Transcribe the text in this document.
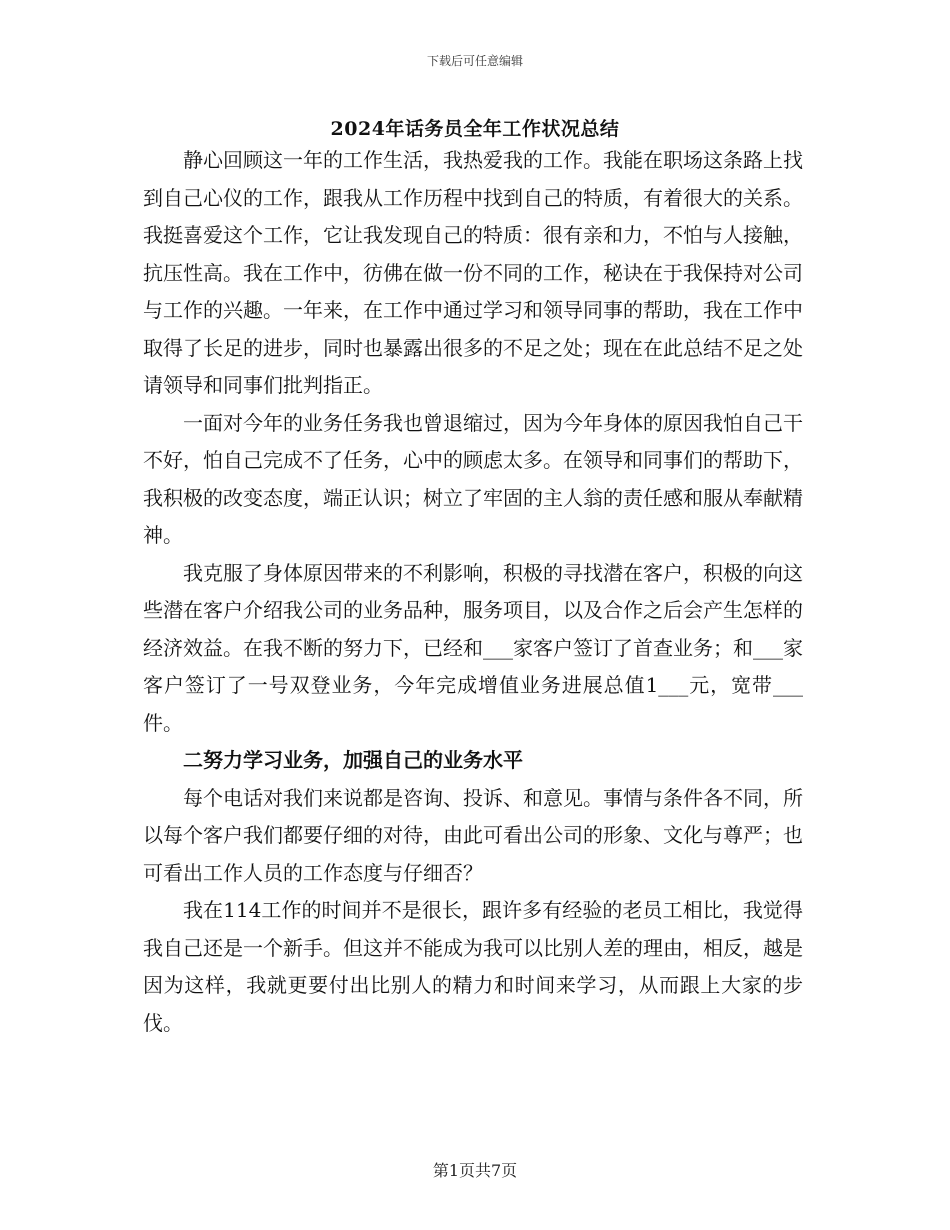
下载后可任意编辑
2024年话务员全年工作状况总结

静心回顾这一年的工作生活，我热爱我的工作。我能在职场这条路上找到自己心仪的工作，跟我从工作历程中找到自己的特质，有着很大的关系。我挺喜爱这个工作，它让我发现自己的特质：很有亲和力，不怕与人接触，抗压性高。我在工作中，彷佛在做一份不同的工作，秘诀在于我保持对公司与工作的兴趣。一年来，在工作中通过学习和领导同事的帮助，我在工作中取得了长足的进步，同时也暴露出很多的不足之处；现在在此总结不足之处请领导和同事们批判指正。

一面对今年的业务任务我也曾退缩过，因为今年身体的原因我怕自己干不好，怕自己完成不了任务，心中的顾虑太多。在领导和同事们的帮助下，我积极的改变态度，端正认识；树立了牢固的主人翁的责任感和服从奉献精神。

我克服了身体原因带来的不利影响，积极的寻找潜在客户，积极的向这些潜在客户介绍我公司的业务品种，服务项目，以及合作之后会产生怎样的经济效益。在我不断的努力下，已经和___家客户签订了首查业务；和___家客户签订了一号双登业务，今年完成增值业务进展总值1___元，宽带___件。

二努力学习业务，加强自己的业务水平

每个电话对我们来说都是咨询、投诉、和意见。事情与条件各不同，所以每个客户我们都要仔细的对待，由此可看出公司的形象、文化与尊严；也可看出工作人员的工作态度与仔细否？

我在114工作的时间并不是很长，跟许多有经验的老员工相比，我觉得我自己还是一个新手。但这并不能成为我可以比别人差的理由，相反，越是因为这样，我就更要付出比别人的精力和时间来学习，从而跟上大家的步伐。

第1页共7页
